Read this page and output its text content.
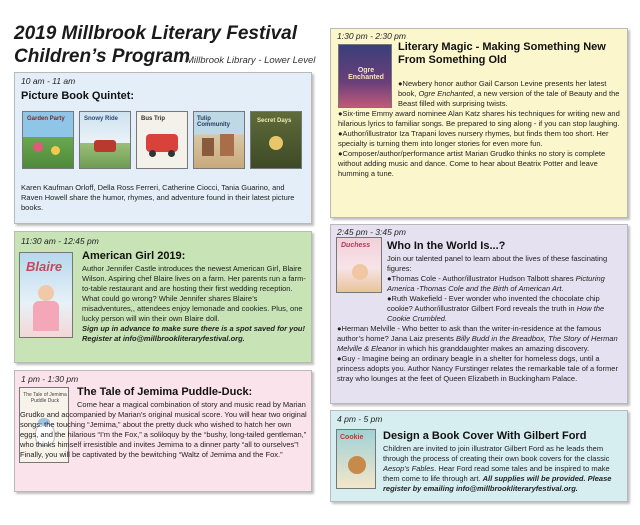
2019 Millbrook Literary Festival
Children’s Program
Millbrook Library - Lower Level
10 am - 11 am
Picture Book Quintet:
Garden Party	Snowy Ride	Bus Trip	Tulip Community
Secret Days
Karen Kaufman Orloff, Della Ross Ferreri, Catherine Ciocci, Tania Guarino, and Raven Howell share the humor, rhymes, and adventure found in their latest picture books.
11:30 am - 12:45 pm
Blaire
American Girl 2019:

Author Jennifer Castle introduces the newest American Girl, Blaire Wilson. Aspiring chef Blaire lives on a farm. Her parents run a farm-to-table restaurant and are hosting their first wedding reception. What could go wrong? While Jennifer shares Blaire’s misadventures,, attendees enjoy lemonade and cookies. Plus, one lucky person will win their own Blaire doll.

Sign up in advance to make sure there is a spot saved for you! Register at info@millbrookliteraryfestival.org.

1 pm - 1:30 pm
The Tale of Jemima Puddle Duck
The Tale of Jemima Puddle-Duck:
Come hear a magical combination of story and music read by Marian Grudko and accompanied by Marian’s original musical score. You will hear two original songs: the touching “Jemima,” about the pretty duck who wished to hatch her own eggs, and the hilarious “I’m the Fox,” a soliloquy by the “bushy, long-tailed gentleman,” who thinks himself irresistible and invites Jemima to a dinner party “all to ourselves”! Finally, you will be captivated by the bewitching “Waltz of Jemima and the Fox.”
1:30 pm - 2:30 pm
Ogre Enchanted
Literary Magic - Making Something New From Something Old

●Newbery honor author Gail Carson Levine presents her latest book, Ogre Enchanted, a new version of the tale of Beauty and the Beast filled with surprising twists.

●Six-time Emmy award nominee Alan Katz shares his techniques for writing new and hilarious lyrics to familiar songs. Be prepared to sing along - if you can stop laughing.

●Author/illustrator Iza Trapani loves nursery rhymes, but finds them too short. Her specialty is turning them into longer stories for even more fun.

●Composer/author/performance artist Marian Grudko thinks no story is complete without adding music and dance. Come to hear about Beatrix Potter and leave humming a tune.

2:45 pm - 3:45 pm
Duchess Who In the World Is...?

Join our talented panel to learn about the lives of these fascinating figures:

●Thomas Cole - Author/illustrator Hudson Talbott shares Picturing America -Thomas Cole and the Birth of American Art.

●Ruth Wakefield - Ever wonder who invented the chocolate chip cookie? Author/illustrator Gilbert Ford reveals the truth in How the Cookie Crumbled.

●Herman Melville - Who better to ask than the writer-in-residence at the famous author’s home? Jana Laiz presents Billy Budd in the Breadbox, The Story of Herman Melville & Eleanor in which his granddaughter makes an amazing discovery.

●Guy - Imagine being an ordinary beagle in a shelter for homeless dogs, until a princess adopts you. Author Nancy Furstinger relates the remarkable tale of a former stray who lounges at the feet of Queen Elizabeth in Buckingham Palace.

4 pm - 5 pm
Cookie Design a Book Cover With Gilbert Ford
Children are invited to join illustrator Gilbert Ford as he leads them through the process of creating their own book covers for the classic Aesop’s Fables. Hear Ford read some tales and be inspired to make them come to life through art. All supplies will be provided. Please register by emailing info@millbrookliteraryfestival.org.
